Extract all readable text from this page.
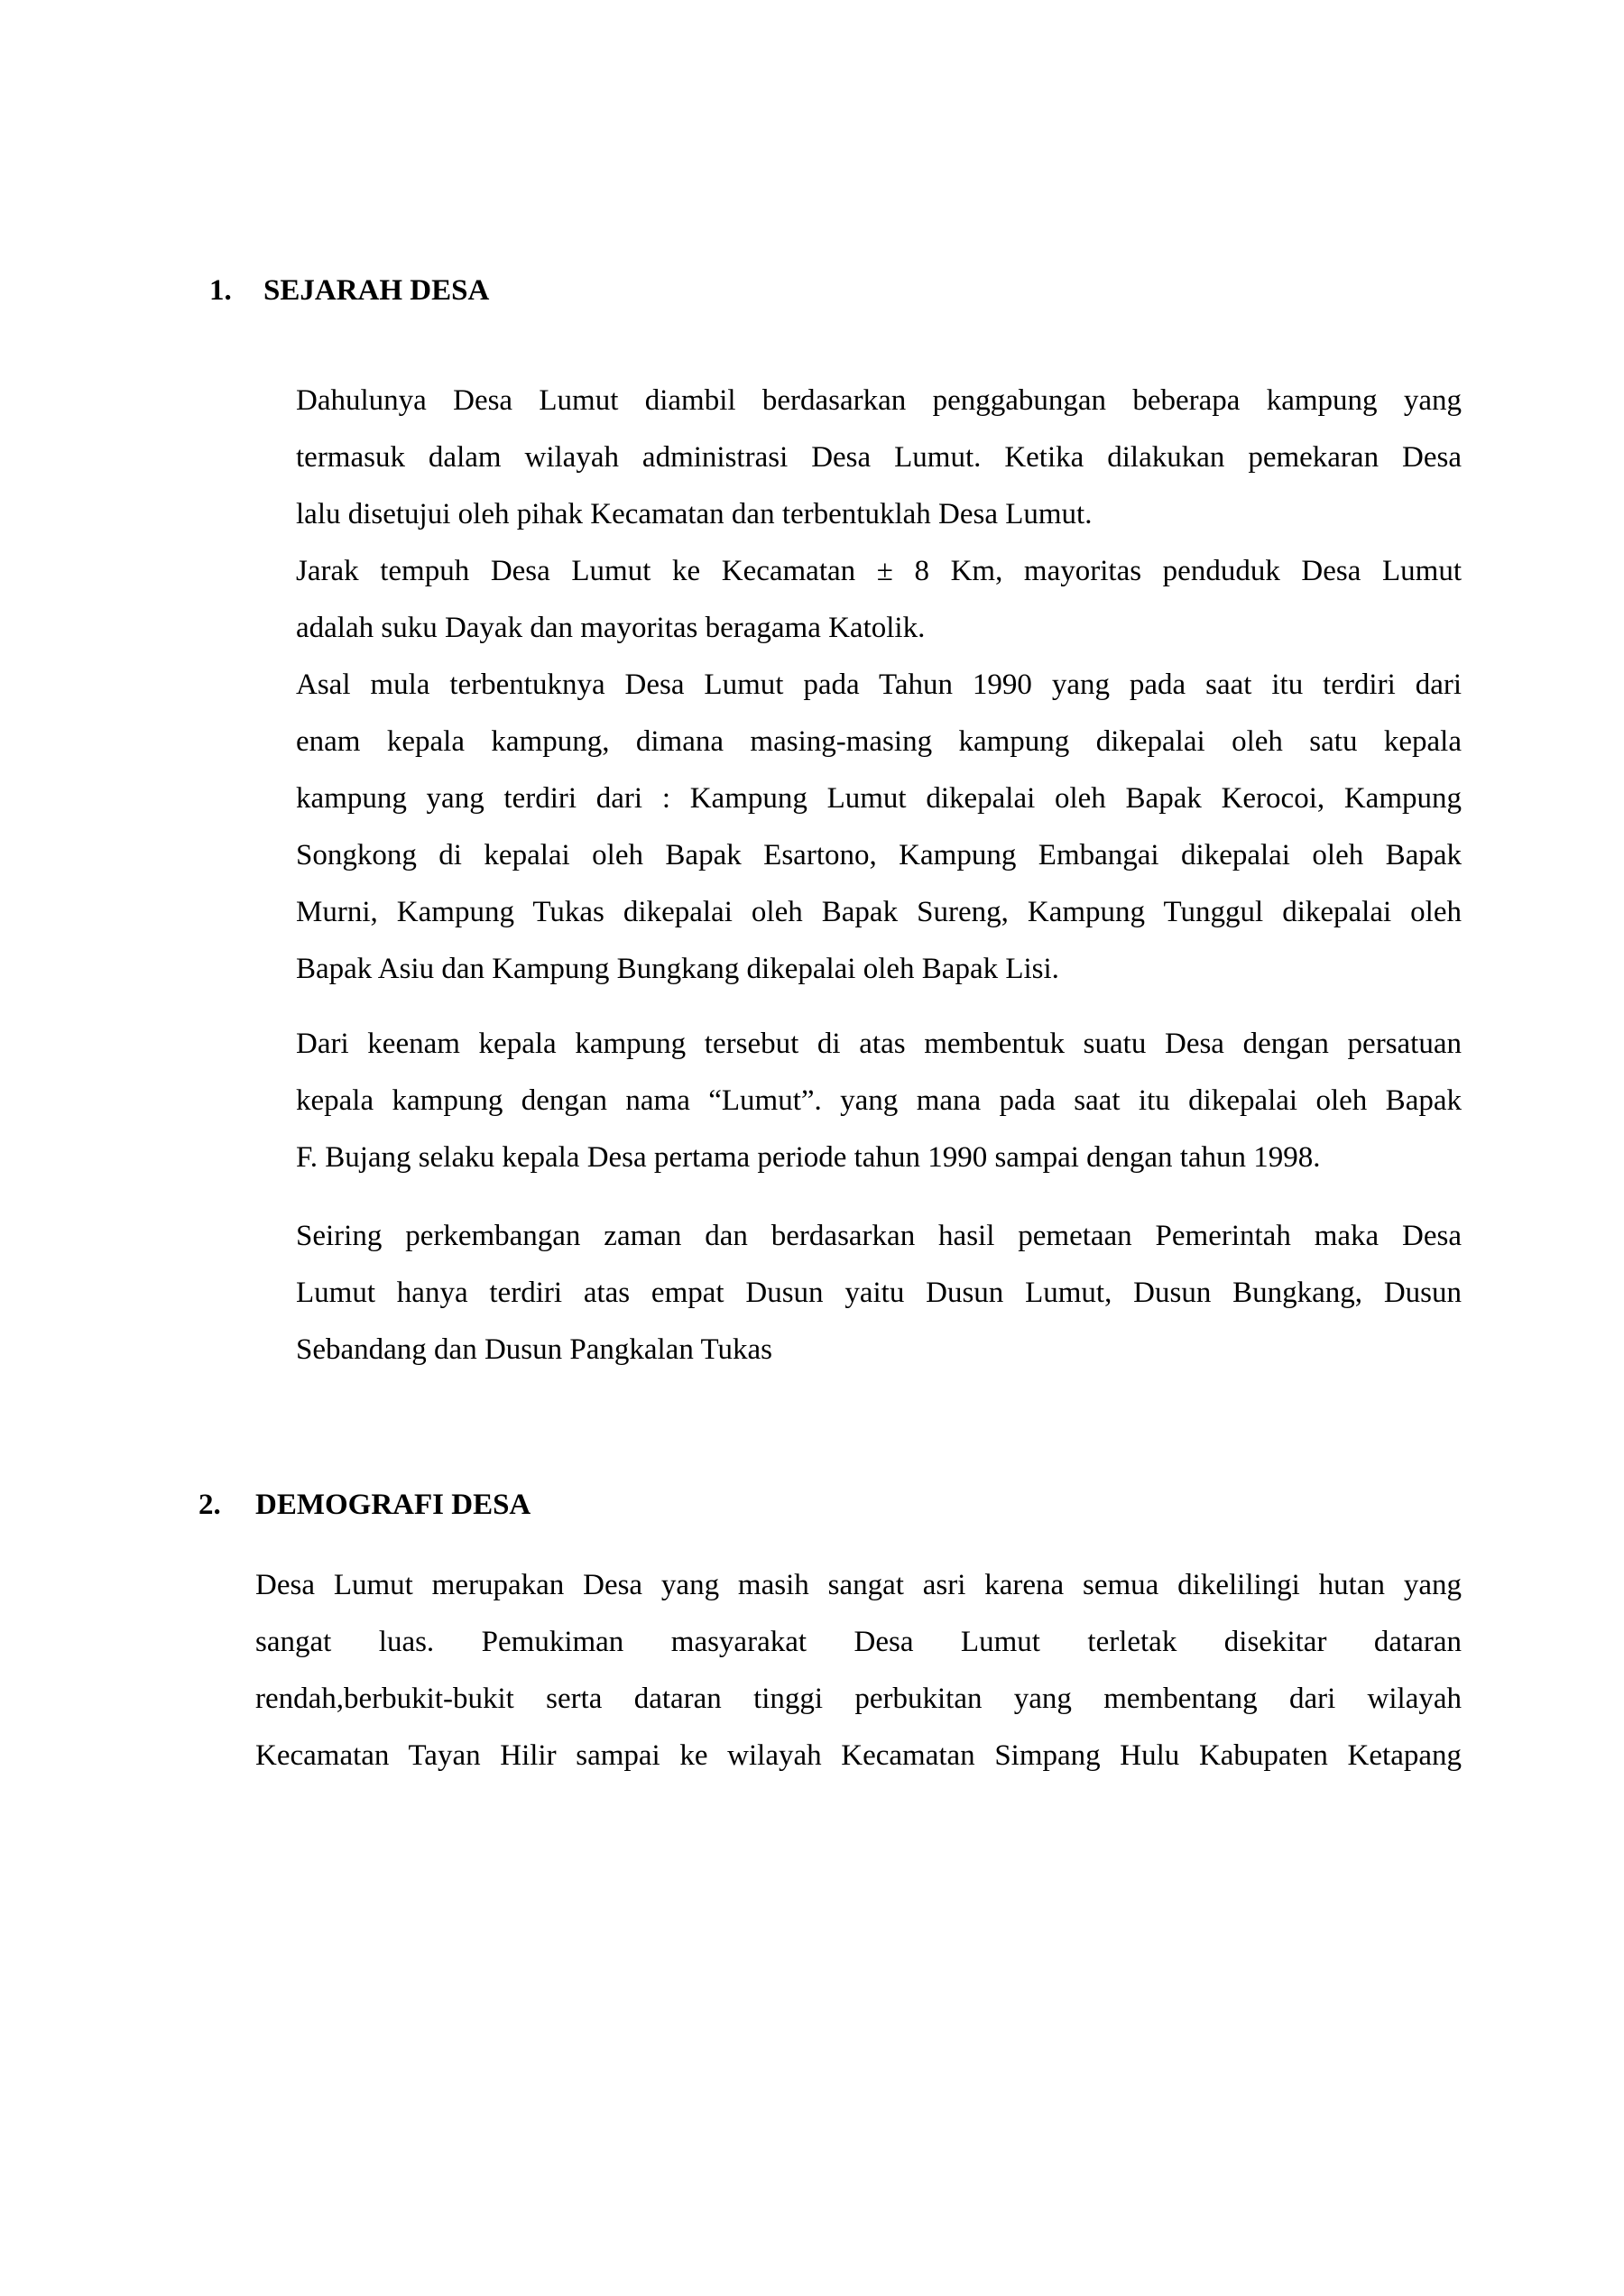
1. SEJARAH DESA
Dahulunya Desa Lumut diambil berdasarkan penggabungan beberapa kampung yang
termasuk dalam wilayah administrasi Desa Lumut. Ketika dilakukan pemekaran Desa
lalu disetujui oleh pihak Kecamatan dan terbentuklah Desa Lumut.
Jarak tempuh Desa Lumut ke Kecamatan ± 8 Km, mayoritas penduduk Desa Lumut
adalah suku Dayak dan mayoritas beragama Katolik.
Asal mula terbentuknya Desa Lumut pada Tahun 1990 yang pada saat itu terdiri dari
enam kepala kampung, dimana masing-masing kampung dikepalai oleh satu kepala
kampung yang terdiri dari : Kampung Lumut dikepalai oleh Bapak Kerocoi, Kampung
Songkong di kepalai oleh Bapak Esartono, Kampung Embangai dikepalai oleh Bapak
Murni, Kampung Tukas dikepalai oleh Bapak Sureng, Kampung Tunggul dikepalai oleh
Bapak Asiu dan Kampung Bungkang dikepalai oleh Bapak Lisi.
Dari keenam kepala kampung tersebut di atas membentuk suatu Desa dengan persatuan
kepala kampung dengan nama “Lumut”. yang mana pada saat itu dikepalai oleh Bapak
F. Bujang selaku kepala Desa pertama periode tahun 1990 sampai dengan tahun 1998.
Seiring perkembangan zaman dan berdasarkan hasil pemetaan Pemerintah maka Desa
Lumut hanya terdiri atas empat Dusun yaitu Dusun Lumut, Dusun Bungkang, Dusun
Sebandang dan Dusun Pangkalan Tukas
2. DEMOGRAFI DESA
Desa Lumut merupakan Desa yang masih sangat asri karena semua dikelilingi hutan yang
sangat luas. Pemukiman masyarakat Desa Lumut terletak disekitar dataran
rendah,berbukit-bukit serta dataran tinggi perbukitan yang membentang dari wilayah
Kecamatan Tayan Hilir sampai ke wilayah Kecamatan Simpang Hulu Kabupaten Ketapang
